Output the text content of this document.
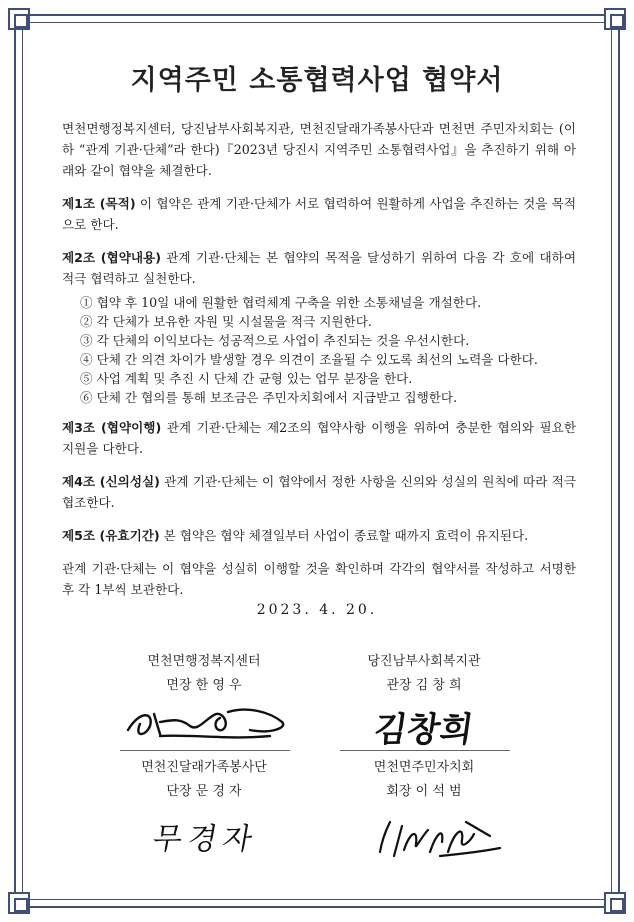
지역주민 소통협력사업 협약서

면천면행정복지센터, 당진남부사회복지관, 면천진달래가족봉사단과 면천면 주민자치회는 (이하 “관계 기관·단체”라 한다)『2023년 당진시 지역주민 소통협력사업』을 추진하기 위해 아래와 같이 협약을 체결한다.

제1조 (목적) 이 협약은 관계 기관·단체가 서로 협력하여 원활하게 사업을 추진하는 것을 목적으로 한다.

제2조 (협약내용) 관계 기관·단체는 본 협약의 목적을 달성하기 위하여 다음 각 호에 대하여 적극 협력하고 실천한다.

① 협약 후 10일 내에 원활한 협력체계 구축을 위한 소통채널을 개설한다.
② 각 단체가 보유한 자원 및 시설물을 적극 지원한다.
③ 각 단체의 이익보다는 성공적으로 사업이 추진되는 것을 우선시한다.
④ 단체 간 의견 차이가 발생할 경우 의견이 조율될 수 있도록 최선의 노력을 다한다.
⑤ 사업 계획 및 추진 시 단체 간 균형 있는 업무 분장을 한다.
⑥ 단체 간 협의를 통해 보조금은 주민자치회에서 지급받고 집행한다.

제3조 (협약이행) 관계 기관·단체는 제2조의 협약사항 이행을 위하여 충분한 협의와 필요한 지원을 다한다.

제4조 (신의성실) 관계 기관·단체는 이 협약에서 정한 사항을 신의와 성실의 원칙에 따라 적극 협조한다.

제5조 (유효기간) 본 협약은 협약 체결일부터 사업이 종료할 때까지 효력이 유지된다.

관계 기관·단체는 이 협약을 성실히 이행할 것을 확인하며 각각의 협약서를 작성하고 서명한 후 각 1부씩 보관한다.

2023. 4. 20.
면천면행정복지센터
면장 한 영 우
당진남부사회복지관
관장 김 창 희
김창희
면천진달래가족봉사단
단장 문 경 자
무경자
면천면주민자치회
회장 이 석 범
